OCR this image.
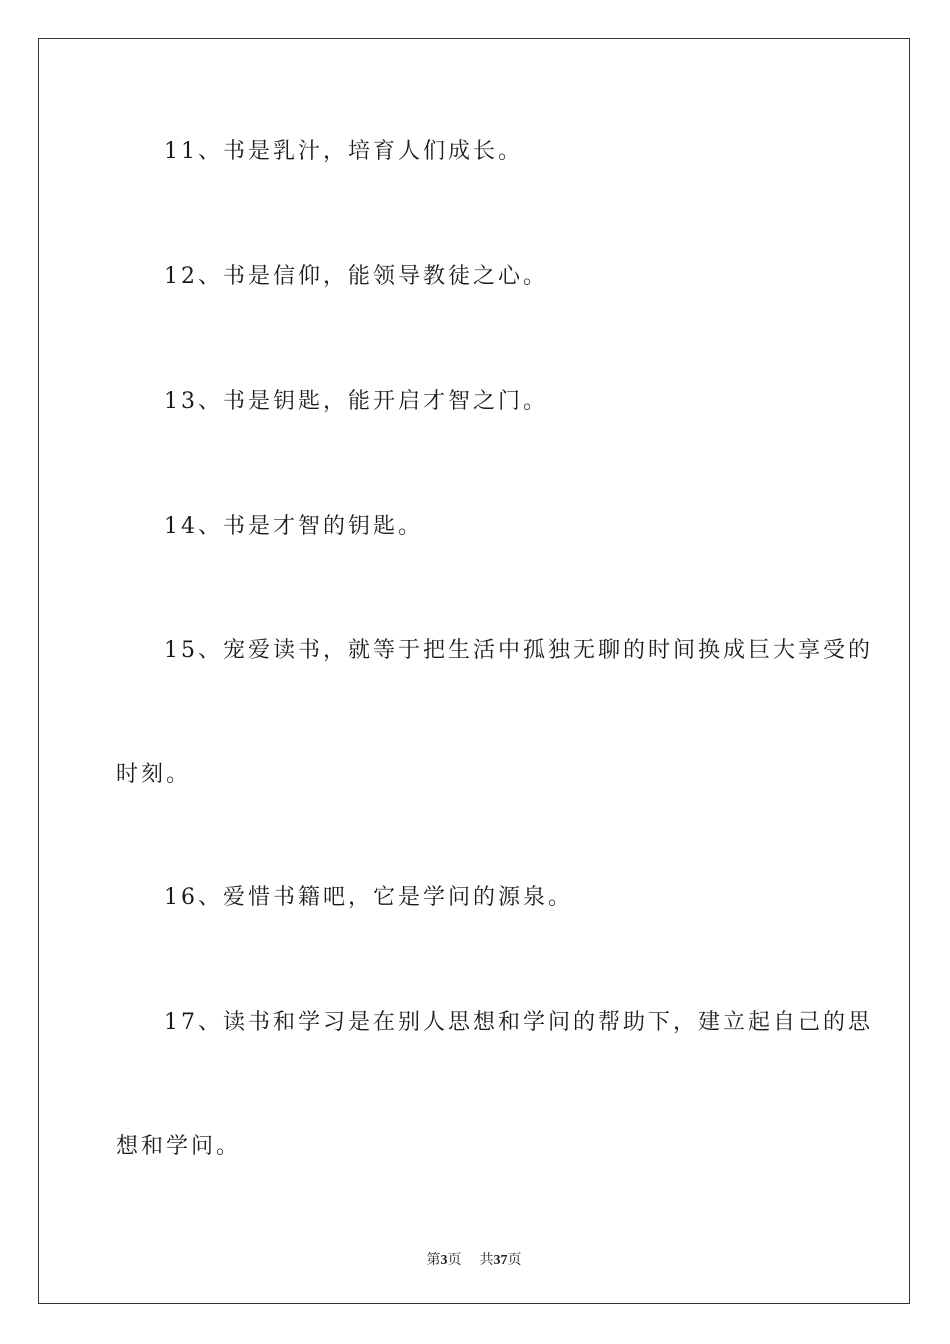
11、书是乳汁，培育人们成长。
12、书是信仰，能领导教徒之心。
13、书是钥匙，能开启才智之门。
14、书是才智的钥匙。
15、宠爱读书，就等于把生活中孤独无聊的时间换成巨大享受的
时刻。
16、爱惜书籍吧，它是学问的源泉。
17、读书和学习是在别人思想和学问的帮助下，建立起自己的思
想和学问。
第3页 共37页
